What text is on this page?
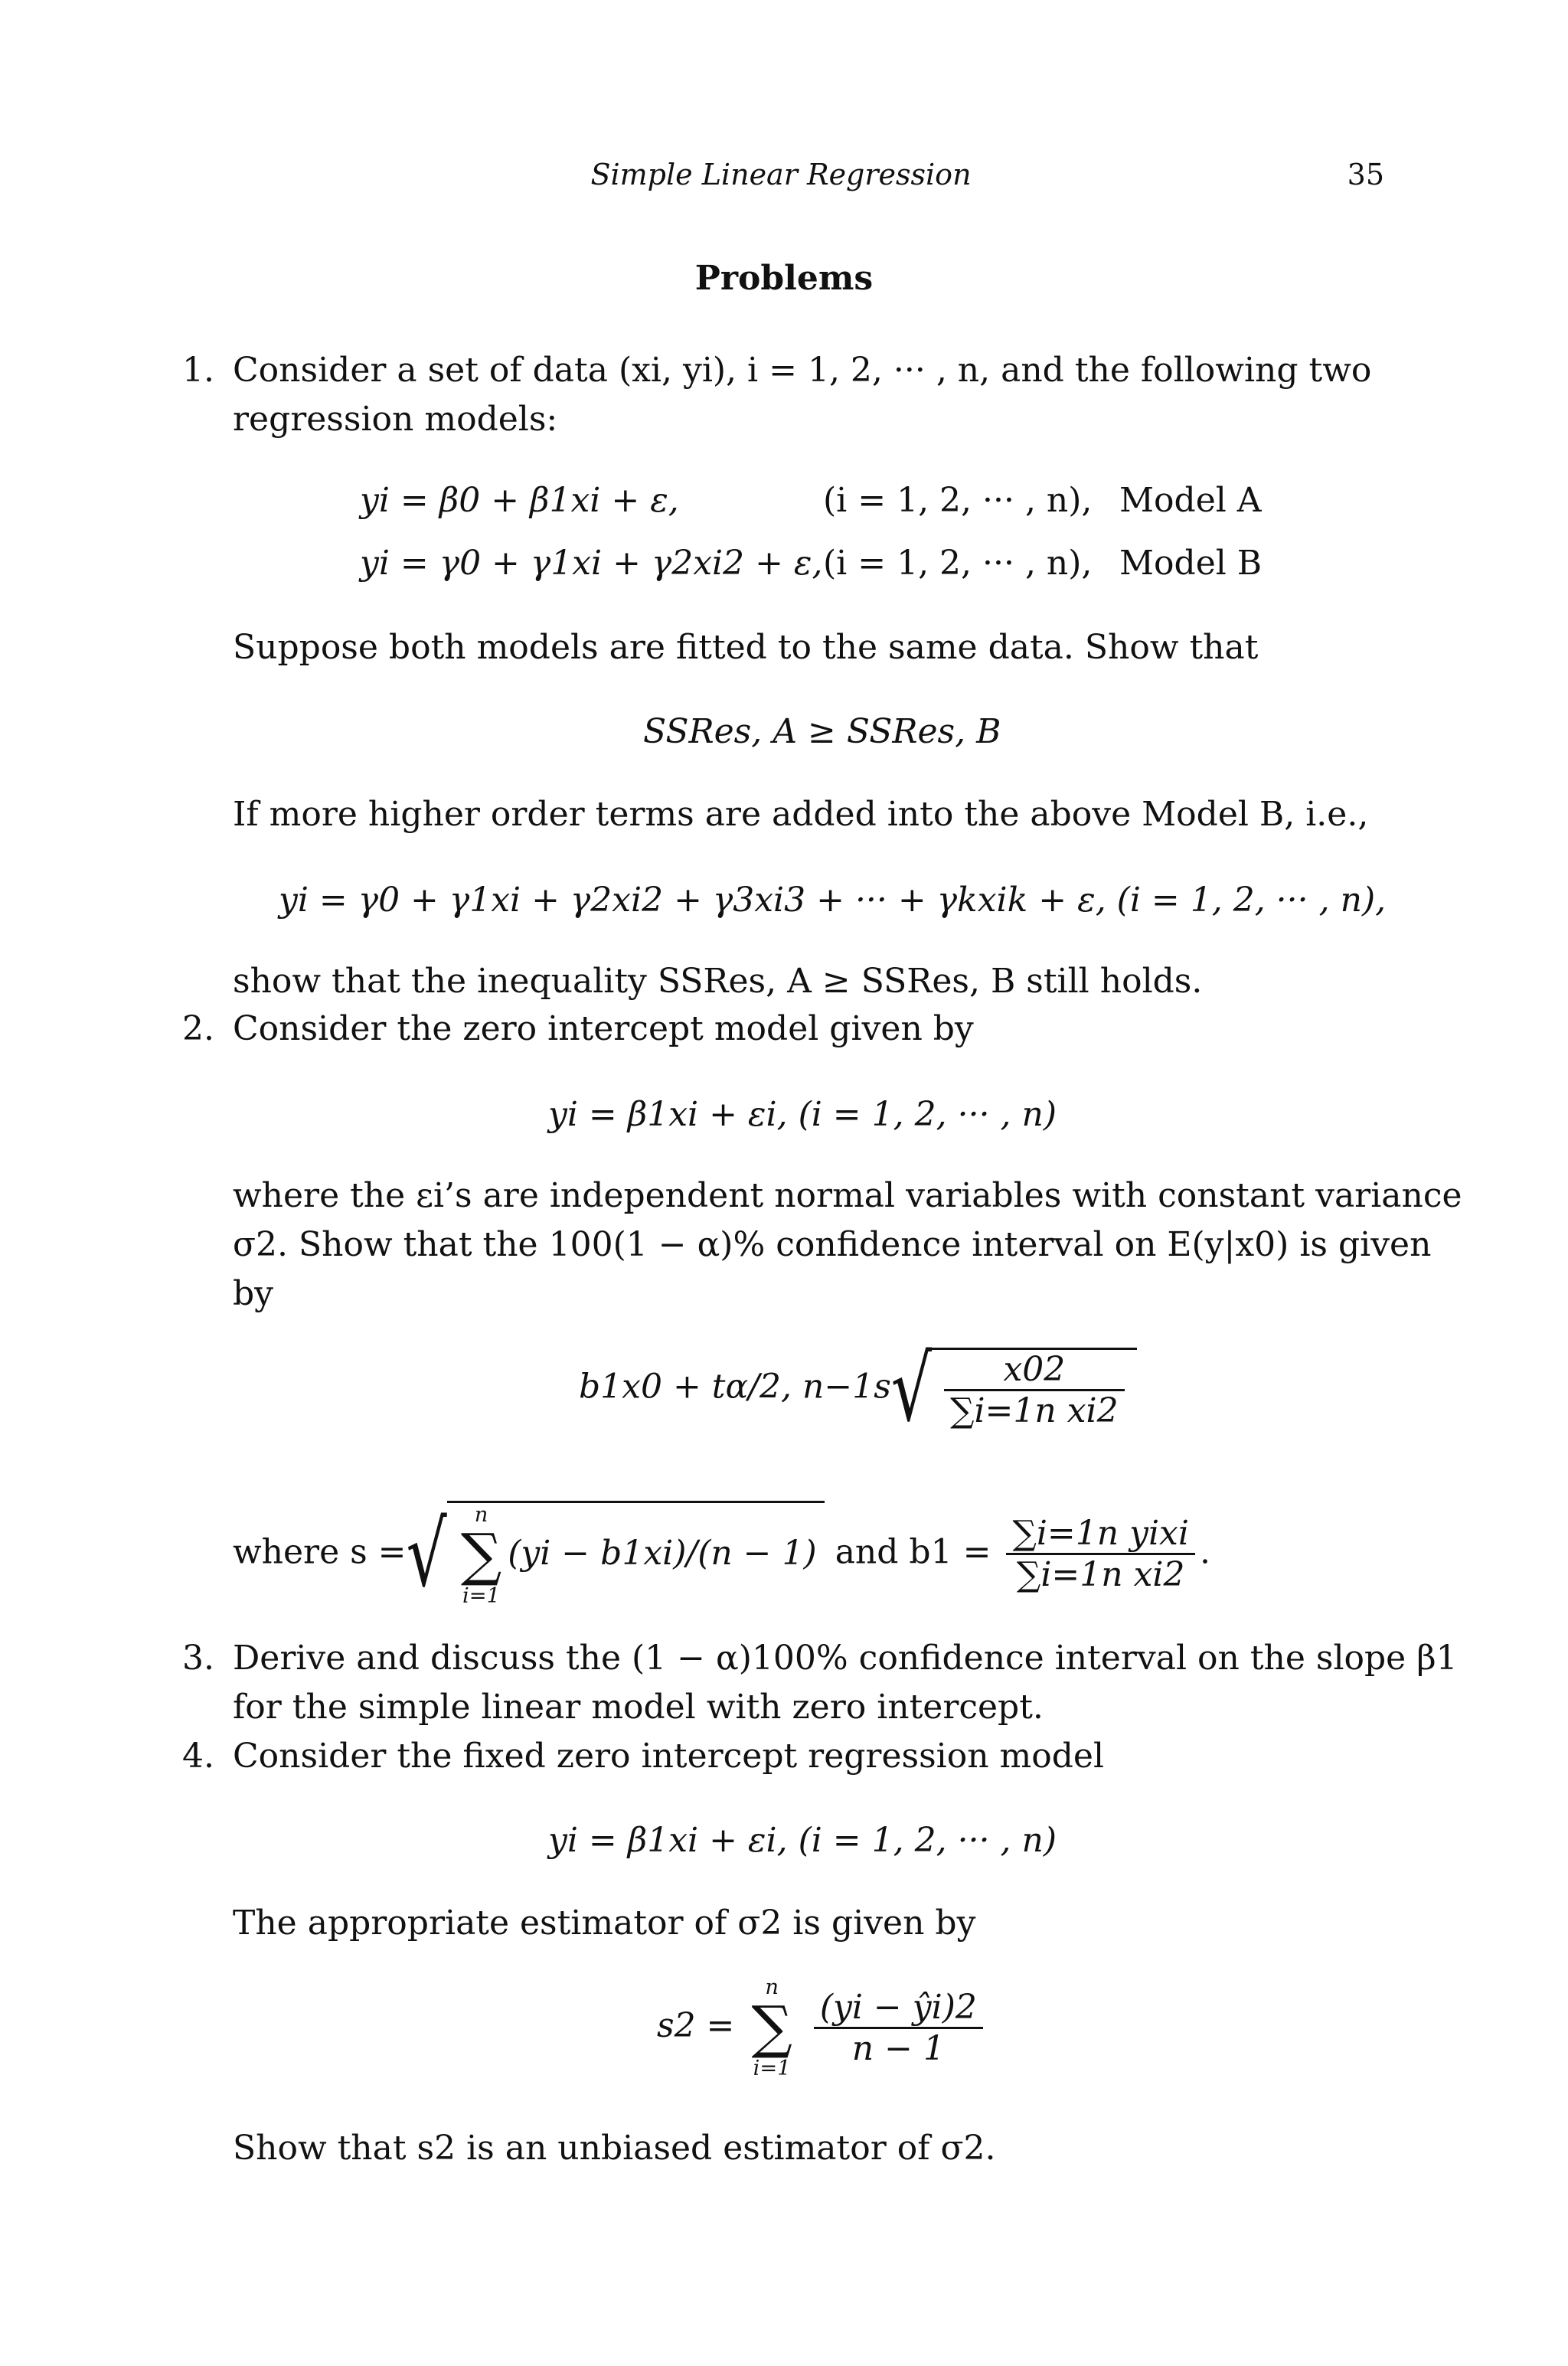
Simple Linear Regression	35
Problems
1. Consider a set of data (xi, yi), i = 1, 2, ··· , n, and the following two
regression models:
yi = β0 + β1xi + ε,	(i = 1, 2, ··· , n), Model A
yi = γ0 + γ1xi + γ2xi2 + ε, (i = 1, 2, ··· , n), Model B
Suppose both models are fitted to the same data. Show that
SSRes, A ≥ SSRes, B
If more higher order terms are added into the above Model B, i.e.,
yi = γ0 + γ1xi + γ2xi2 + γ3xi3 + ··· + γkxik + ε, (i = 1, 2, ··· , n),
show that the inequality SSRes, A ≥ SSRes, B still holds.
2. Consider the zero intercept model given by
yi = β1xi + εi, (i = 1, 2, ··· , n)
where the εi’s are independent normal variables with constant variance
σ2. Show that the 100(1 − α)% confidence interval on E(y|x0) is given
by
b1x0 + tα/2, $n-1s√ \frac{x02}{\text{∑i=1n xi2}}$
where s =√	n
∑
i=1
(yi − b1xi)/(n − 1) and $b1 = \frac{\text{∑i=1n yixi}}{\text{∑i=1n xi2}}$ .
3. Derive and discuss the (1 − α)100% confidence interval on the slope β1
for the simple linear model with zero intercept.
4. Consider the fixed zero intercept regression model
yi = β1xi + εi, (i = 1, 2, ··· , n)
The appropriate estimator of σ2 is given by
s2 =
n
∑
i=1

$\frac{(yi - ŷi)2}{n - 1}$
Show that s2 is an unbiased estimator of σ2.
